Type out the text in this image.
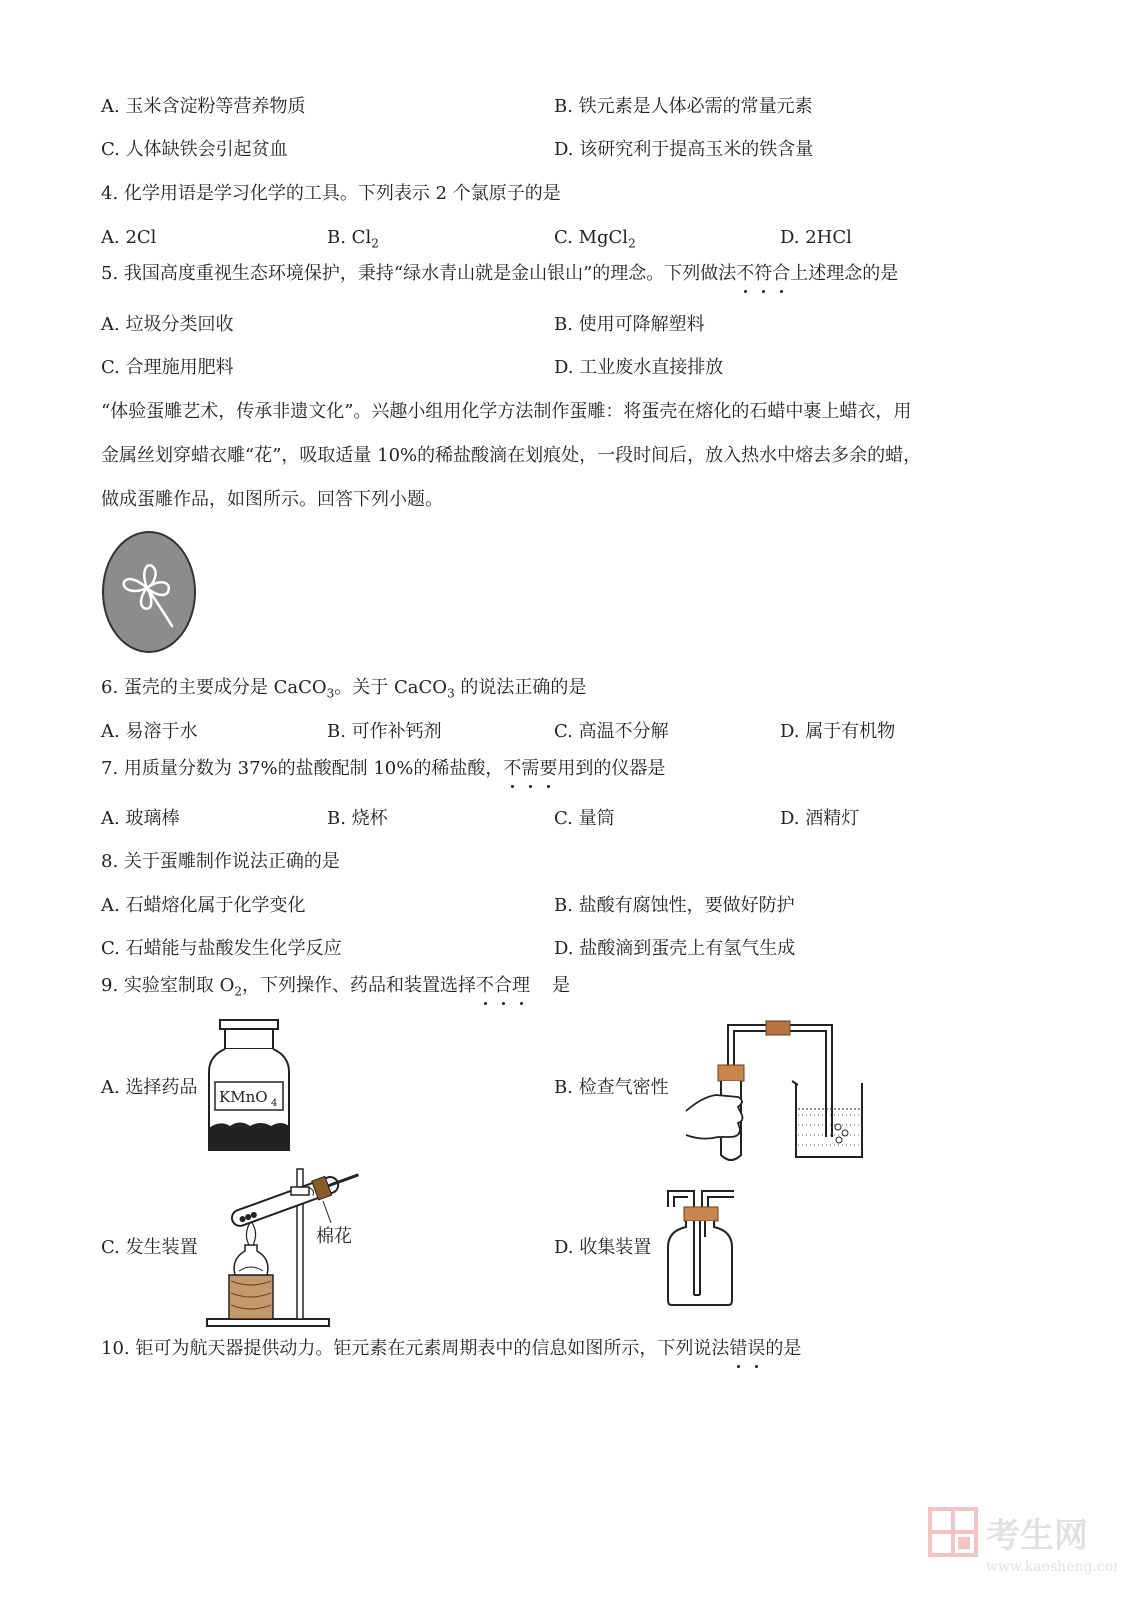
A. 玉米含淀粉等营养物质	B. 铁元素是人体必需的常量元素
C. 人体缺铁会引起贫血	D. 该研究利于提高玉米的铁含量
4. 化学用语是学习化学的工具。下列表示 2 个氯原子的是
A. 2Cl	B. $Cl_2$	C. MgCl$_2$	D. 2HCl
5. 我国高度重视生态环境保护，秉持“绿水青山就是金山银山”的理念。下列做法不符合上述理念的是
A. 垃圾分类回收	B. 使用可降解塑料
C. 合理施用肥料	D. 工业废水直接排放
“体验蛋雕艺术，传承非遗文化”。兴趣小组用化学方法制作蛋雕：将蛋壳在熔化的石蜡中裹上蜡衣，用
金属丝划穿蜡衣雕“花”，吸取适量 10%的稀盐酸滴在划痕处，一段时间后，放入热水中熔去多余的蜡，
做成蛋雕作品，如图所示。回答下列小题。
6. 蛋壳的主要成分是 CaCO$_3$。关于 CaCO$_3$ 的说法正确的是
A. 易溶于水	B. 可作补钙剂	C. 高温不分解	D. 属于有机物
7. 用质量分数为 37%的盐酸配制 10%的稀盐酸，不需要用到的仪器是
A. 玻璃棒	B. 烧杯	C. 量筒	D. 酒精灯
8. 关于蛋雕制作说法正确的是
A. 石蜡熔化属于化学变化	B. 盐酸有腐蚀性，要做好防护
C. 石蜡能与盐酸发生化学反应	D. 盐酸滴到蛋壳上有氢气生成
9. 实验室制取 $O_2$，下列操作、药品和装置选择不合理 是
A. 选择药品	B. 检查气密性
C. 发生装置	D. 收集装置
KMnO 4
棉花
10. 钜可为航天器提供动力。钜元素在元素周期表中的信息如图所示，下列说法错误的是
考生网
www.kaosheng.com
